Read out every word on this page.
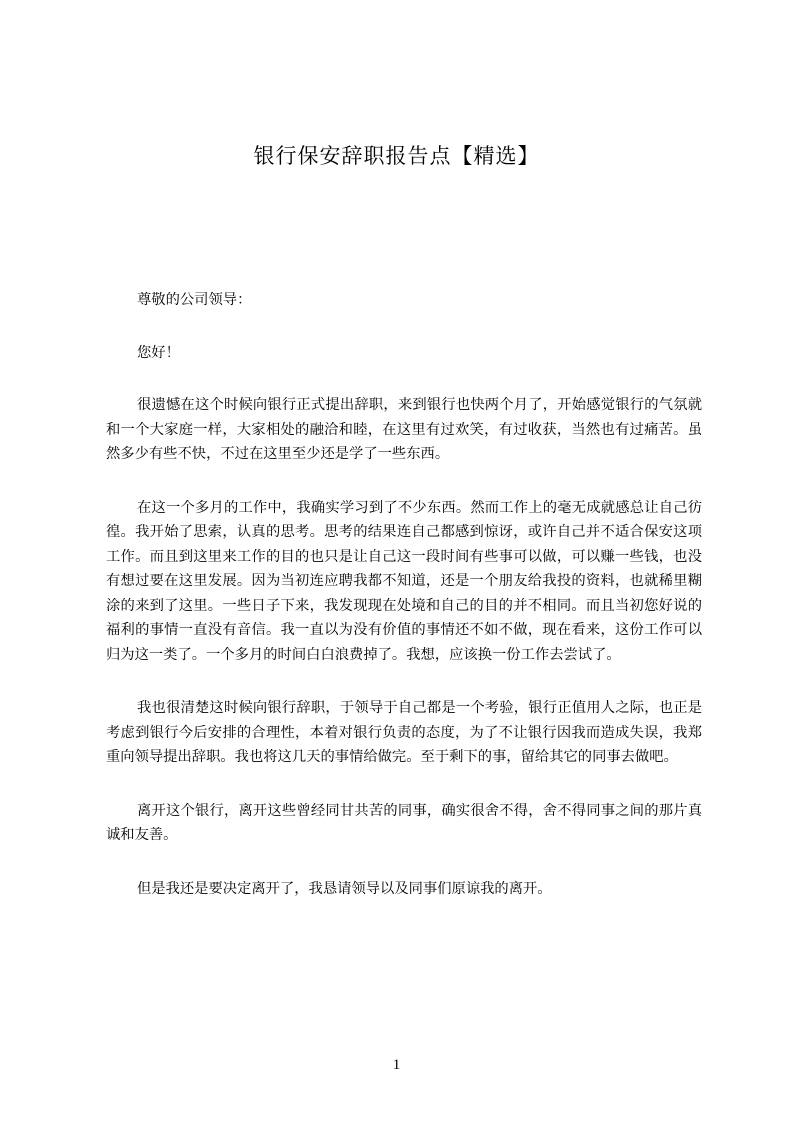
银行保安辞职报告点【精选】

尊敬的公司领导：

您好！

很遗憾在这个时候向银行正式提出辞职，来到银行也快两个月了，开始感觉银行的气氛就和一个大家庭一样，大家相处的融洽和睦，在这里有过欢笑，有过收获，当然也有过痛苦。虽然多少有些不快，不过在这里至少还是学了一些东西。

在这一个多月的工作中，我确实学习到了不少东西。然而工作上的毫无成就感总让自己彷徨。我开始了思索，认真的思考。思考的结果连自己都感到惊讶，或许自己并不适合保安这项工作。而且到这里来工作的目的也只是让自己这一段时间有些事可以做，可以赚一些钱，也没有想过要在这里发展。因为当初连应聘我都不知道，还是一个朋友给我投的资料，也就稀里糊涂的来到了这里。一些日子下来，我发现现在处境和自己的目的并不相同。而且当初您好说的福利的事情一直没有音信。我一直以为没有价值的事情还不如不做，现在看来，这份工作可以归为这一类了。一个多月的时间白白浪费掉了。我想，应该换一份工作去尝试了。

我也很清楚这时候向银行辞职，于领导于自己都是一个考验，银行正值用人之际，也正是考虑到银行今后安排的合理性，本着对银行负责的态度，为了不让银行因我而造成失误，我郑重向领导提出辞职。我也将这几天的事情给做完。至于剩下的事，留给其它的同事去做吧。

离开这个银行，离开这些曾经同甘共苦的同事，确实很舍不得，舍不得同事之间的那片真诚和友善。

但是我还是要决定离开了，我恳请领导以及同事们原谅我的离开。

1
